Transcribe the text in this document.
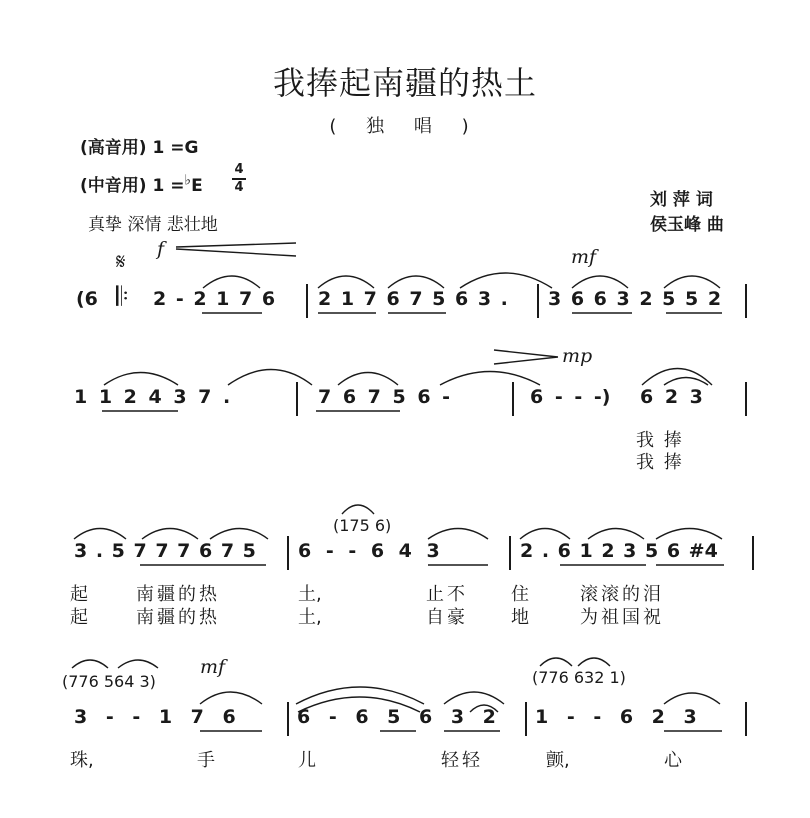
我捧起南疆的热土
( 独 唱 )
(高音用) 1 =G
(中音用) 1 =♭E
4
4
真挚 深情 悲壮地
刘 萍 词
侯玉峰 曲
𝄋
f	mf
(6 𝄆 2 - 2 1 7 6 2 1 7 6 7 5 6 3 . 3 6 6 3 2 5 5 2
mp
1 1 2 4 3 7 .	7 6 7 5 6 -	6 - - -) 6 2 3
我 捧
我 捧
3 . 5 7 7 7 6 7 5
(175 6)
6 - - 6 4 3	2 . 6 1 2 3 5 6 #4
起	南疆的热	土,	止不 住	滚滚的泪
起	南疆的热	土,	自豪 地	为祖国祝
(776 564 3)
mf	(776 632 1)
3 - - 1 7 6	6 - 6 5 6 3 2 1 - - 6 2 3
珠,	手	儿	轻轻	颤,	心
